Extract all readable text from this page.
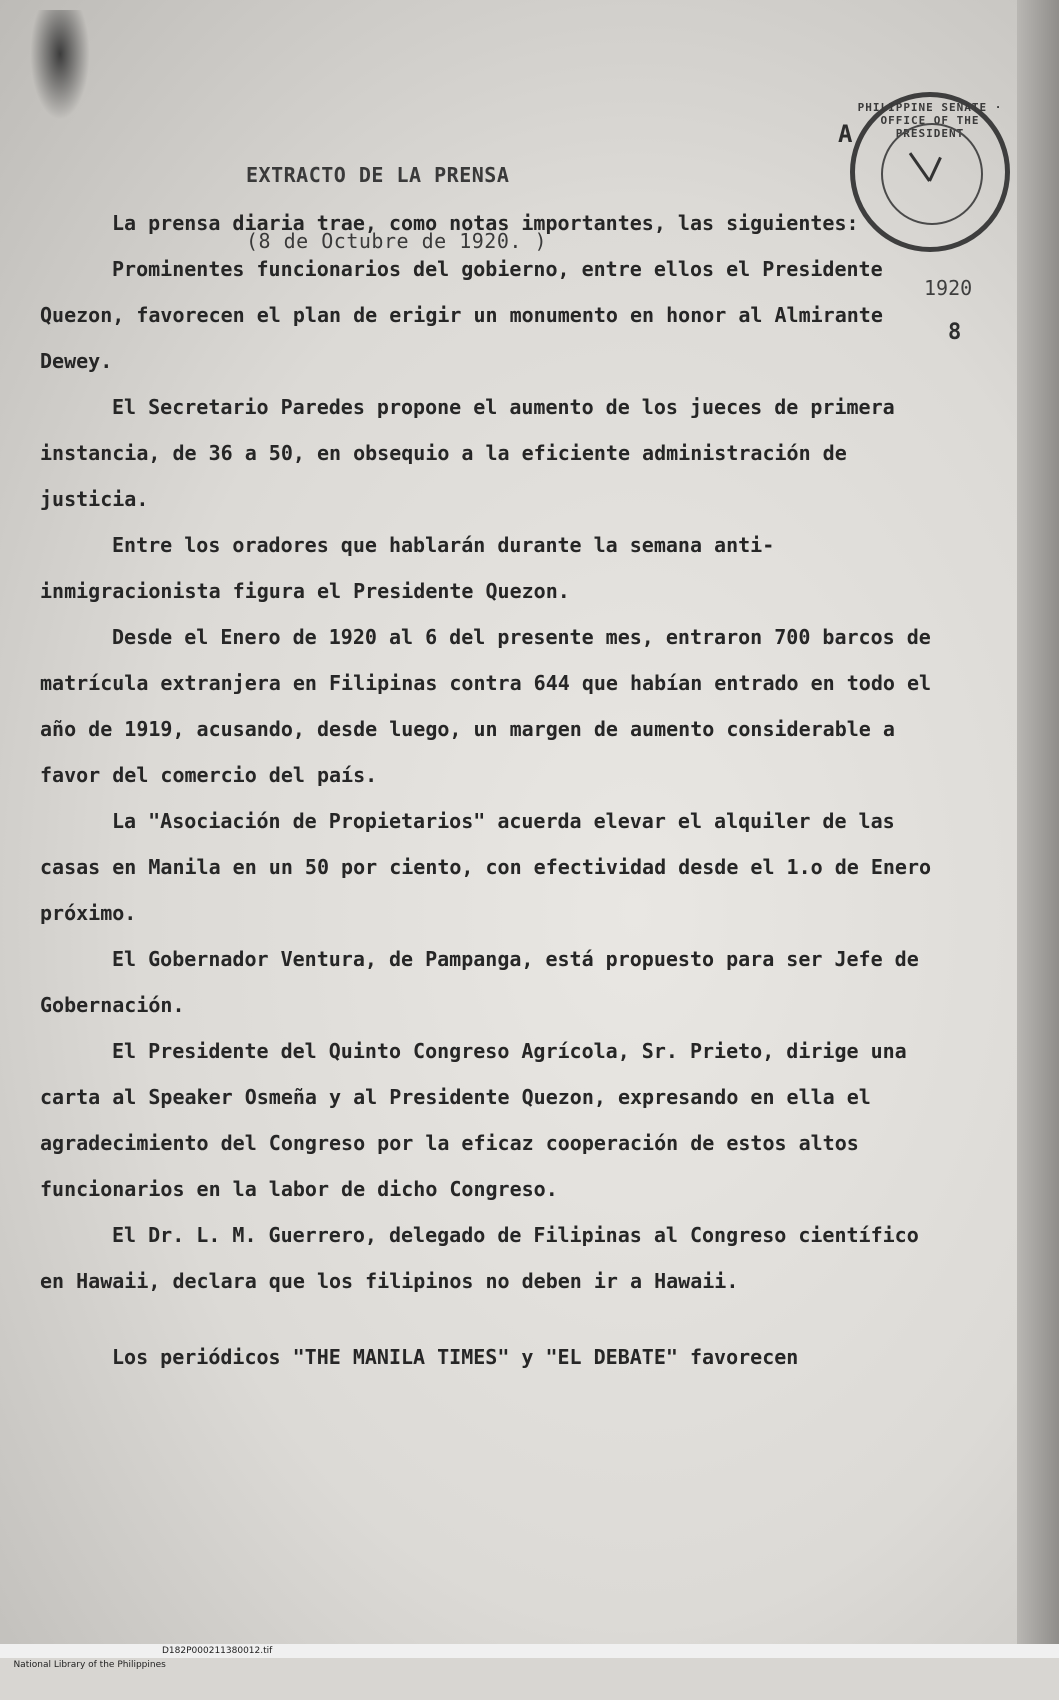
EXTRACTO DE LA PRENSA

(8 de Octubre de 1920. )

A
PHILIPPINE SENATE · OFFICE OF THE PRESIDENT
1920
8

La prensa diaria trae, como notas importantes, las siguientes:

Prominentes funcionarios del gobierno, entre ellos el Presidente Quezon, favorecen el plan de erigir un monumento en honor al Almirante Dewey.

El Secretario Paredes propone el aumento de los jueces de primera instancia, de 36 a 50, en obsequio a la eficiente administración de justicia.

Entre los oradores que hablarán durante la semana anti-inmigracionista figura el Presidente Quezon.

Desde el Enero de 1920 al 6 del presente mes, entraron 700 barcos de matrícula extranjera en Filipinas contra 644 que habían entrado en todo el año de 1919, acusando, desde luego, un margen de aumento considerable a favor del comercio del país.

La "Asociación de Propietarios" acuerda elevar el alquiler de las casas en Manila en un 50 por ciento, con efectividad desde el 1.o de Enero próximo.

El Gobernador Ventura, de Pampanga, está propuesto para ser Jefe de Gobernación.

El Presidente del Quinto Congreso Agrícola, Sr. Prieto, dirige una carta al Speaker Osmeña y al Presidente Quezon, expresando en ella el agradecimiento del Congreso por la eficaz cooperación de estos altos funcionarios en la labor de dicho Congreso.

El Dr. L. M. Guerrero, delegado de Filipinas al Congreso científico en Hawaii, declara que los filipinos no deben ir a Hawaii.

Los periódicos "THE MANILA TIMES" y "EL DEBATE" favorecen

National Library of the Philippines

D182P000211380012.tif
